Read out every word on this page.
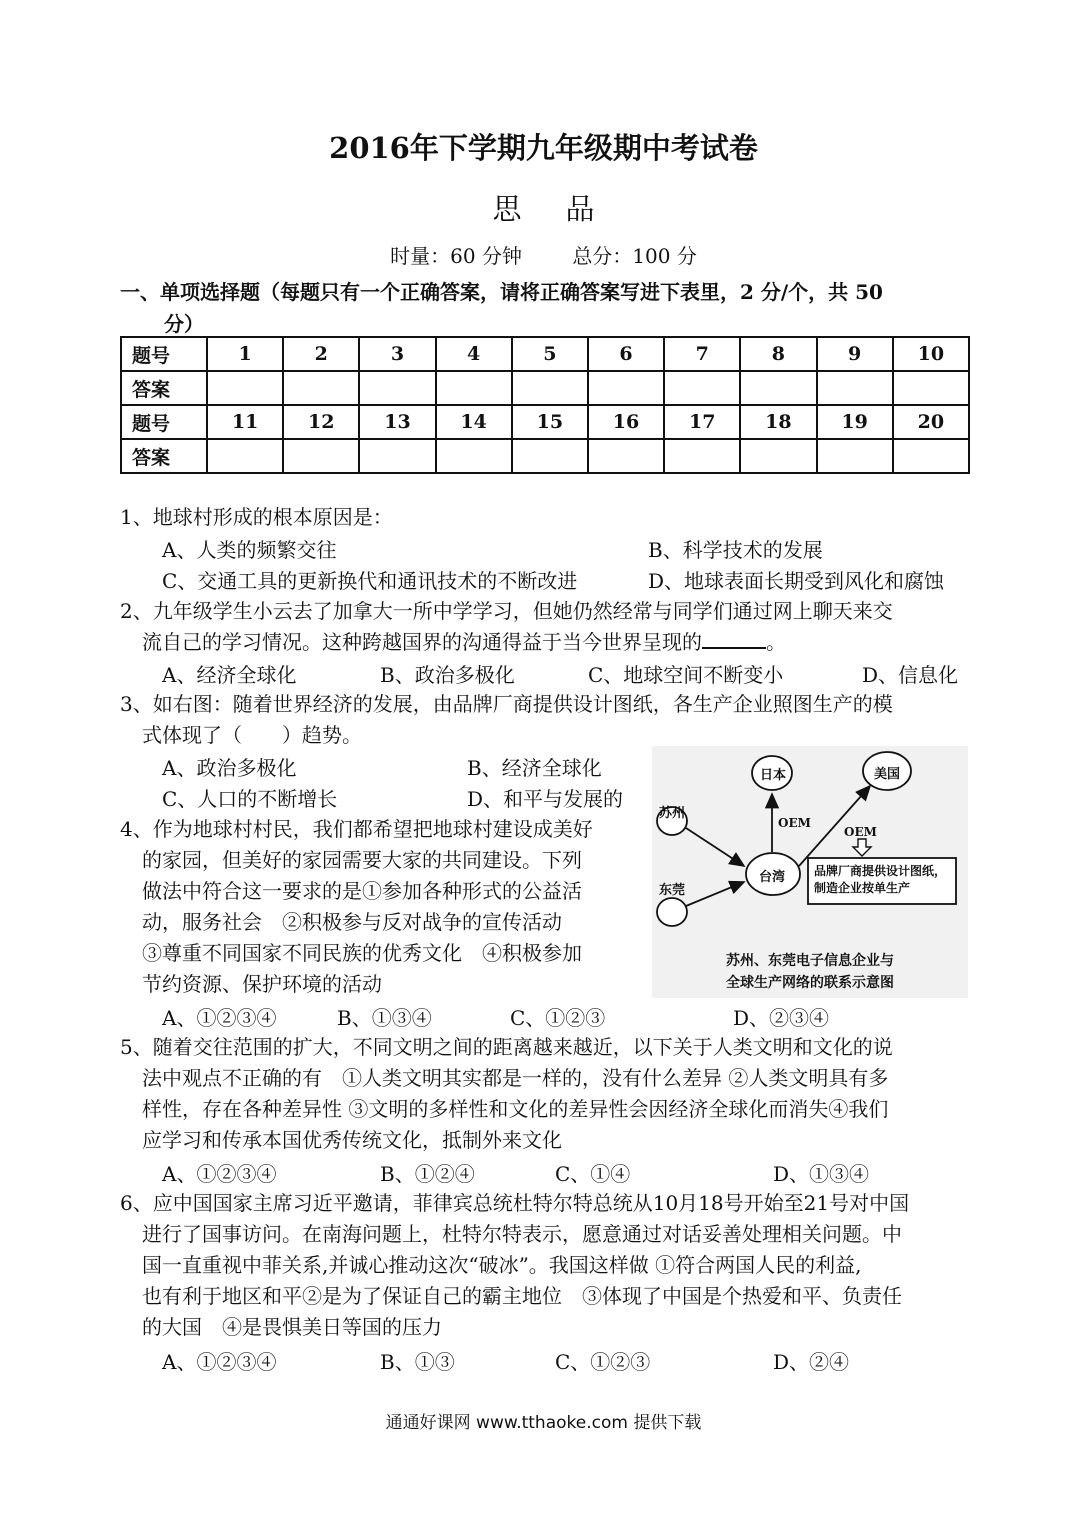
2016年下学期九年级期中考试卷
思品
时量：60 分钟	总分：100 分
一、单项选择题（每题只有一个正确答案，请将正确答案写进下表里，2 分/个，共 50
分）
题号	1	2	3	4	5	6	7	8	9	10
答案										
题号	11	12	13	14	15	16	17	18	19	20
答案										
1、地球村形成的根本原因是：
A、人类的频繁交往	B、科学技术的发展
C、交通工具的更新换代和通讯技术的不断改进	D、地球表面长期受到风化和腐蚀
2、九年级学生小云去了加拿大一所中学学习，但她仍然经常与同学们通过网上聊天来交
流自己的学习情况。这种跨越国界的沟通得益于当今世界呈现的	。
A、经济全球化	B、政治多极化	C、地球空间不断变小	D、信息化
3、如右图：随着世界经济的发展，由品牌厂商提供设计图纸，各生产企业照图生产的模
式体现了（　　）趋势。
A、政治多极化	B、经济全球化
C、人口的不断增长	D、和平与发展的
日本	美国
苏州
东莞
台湾
OEM
OEM
品牌厂商提供设计图纸，
制造企业按单生产
苏州、东莞电子信息企业与
全球生产网络的联系示意图
4、作为地球村村民，我们都希望把地球村建设成美好
的家园，但美好的家园需要大家的共同建设。下列
做法中符合这一要求的是①参加各种形式的公益活
动，服务社会　②积极参与反对战争的宣传活动
③尊重不同国家不同民族的优秀文化　④积极参加
节约资源、保护环境的活动
A、①②③④	B、①③④	C、①②③	D、②③④
5、随着交往范围的扩大，不同文明之间的距离越来越近，以下关于人类文明和文化的说
法中观点不正确的有　①人类文明其实都是一样的，没有什么差异 ②人类文明具有多
样性，存在各种差异性 ③文明的多样性和文化的差异性会因经济全球化而消失④我们
应学习和传承本国优秀传统文化，抵制外来文化
A、①②③④	B、①②④	C、①④	D、①③④
6、应中国国家主席习近平邀请，菲律宾总统杜特尔特总统从10月18号开始至21号对中国
进行了国事访问。在南海问题上，杜特尔特表示，愿意通过对话妥善处理相关问题。中
国一直重视中菲关系,并诚心推动这次“破冰”。我国这样做 ①符合两国人民的利益,
也有利于地区和平②是为了保证自己的霸主地位　③体现了中国是个热爱和平、负责任
的大国　④是畏惧美日等国的压力
A、①②③④	B、①③	C、①②③	D、②④
通通好课网 www.tthaoke.com 提供下载
